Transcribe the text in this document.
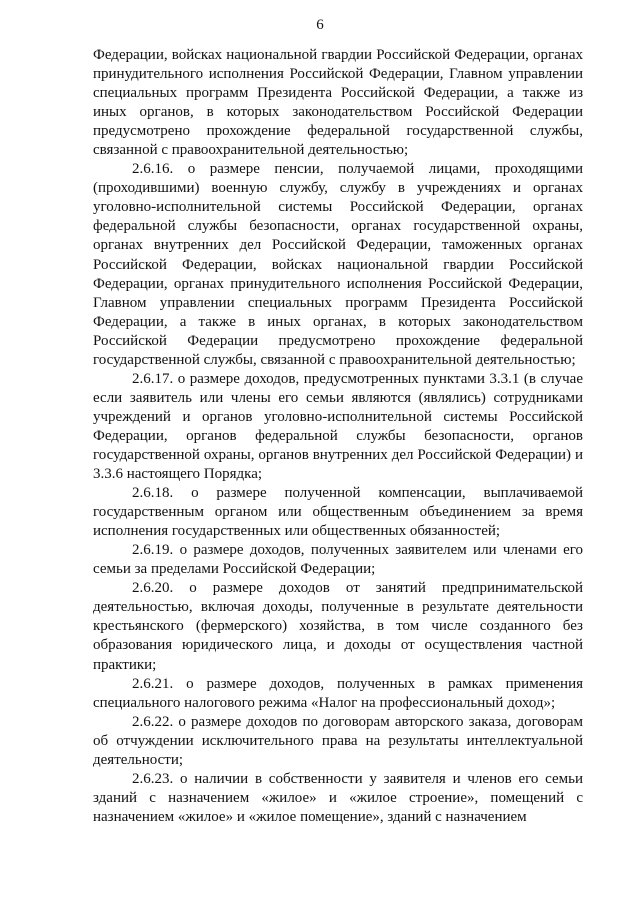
6

Федерации, войсках национальной гвардии Российской Федерации, органах принудительного исполнения Российской Федерации, Главном управлении специальных программ Президента Российской Федерации, а также из иных органов, в которых законодательством Российской Федерации предусмотрено прохождение федеральной государственной службы, связанной с правоохранительной деятельностью;

2.6.16. о размере пенсии, получаемой лицами, проходящими (проходившими) военную службу, службу в учреждениях и органах уголовно-исполнительной системы Российской Федерации, органах федеральной службы безопасности, органах государственной охраны, органах внутренних дел Российской Федерации, таможенных органах Российской Федерации, войсках национальной гвардии Российской Федерации, органах принудительного исполнения Российской Федерации, Главном управлении специальных программ Президента Российской Федерации, а также в иных органах, в которых законодательством Российской Федерации предусмотрено прохождение федеральной государственной службы, связанной с правоохранительной деятельностью;

2.6.17. о размере доходов, предусмотренных пунктами 3.3.1 (в случае если заявитель или члены его семьи являются (являлись) сотрудниками учреждений и органов уголовно-исполнительной системы Российской Федерации, органов федеральной службы безопасности, органов государственной охраны, органов внутренних дел Российской Федерации) и 3.3.6 настоящего Порядка;

2.6.18. о размере полученной компенсации, выплачиваемой государственным органом или общественным объединением за время исполнения государственных или общественных обязанностей;

2.6.19. о размере доходов, полученных заявителем или членами его семьи за пределами Российской Федерации;

2.6.20. о размере доходов от занятий предпринимательской деятельностью, включая доходы, полученные в результате деятельности крестьянского (фермерского) хозяйства, в том числе созданного без образования юридического лица, и доходы от осуществления частной практики;

2.6.21. о размере доходов, полученных в рамках применения специального налогового режима «Налог на профессиональный доход»;

2.6.22. о размере доходов по договорам авторского заказа, договорам об отчуждении исключительного права на результаты интеллектуальной деятельности;

2.6.23. о наличии в собственности у заявителя и членов его семьи зданий с назначением «жилое» и «жилое строение», помещений с назначением «жилое» и «жилое помещение», зданий с назначением
